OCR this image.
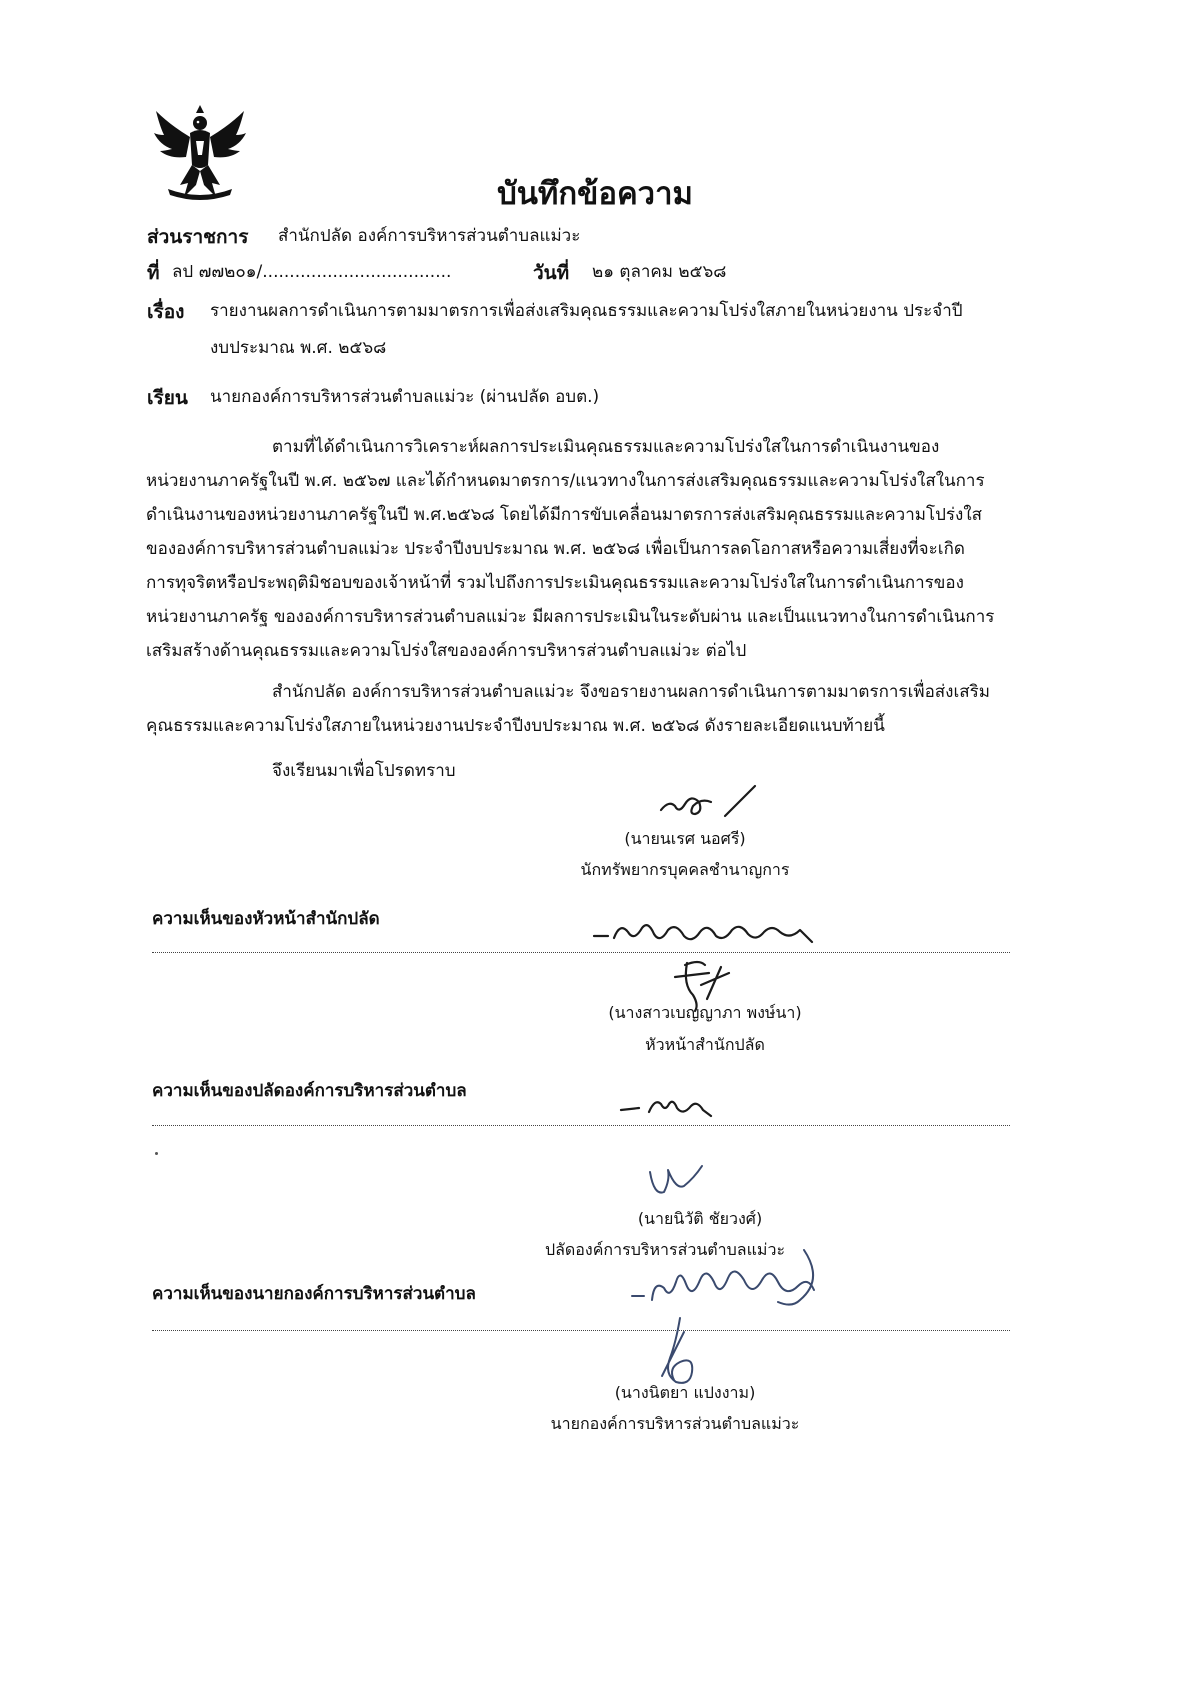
บันทึกข้อความ
ส่วนราชการ สำนักปลัด องค์การบริหารส่วนตำบลแม่วะ
ที่ ลป ๗๗๒๐๑/...................................	วันที่ ๒๑ ตุลาคม ๒๕๖๘
เรื่อง รายงานผลการดำเนินการตามมาตรการเพื่อส่งเสริมคุณธรรมและความโปร่งใสภายในหน่วยงาน ประจำปี
งบประมาณ พ.ศ. ๒๕๖๘
เรียน นายกองค์การบริหารส่วนตำบลแม่วะ (ผ่านปลัด อบต.)
ตามที่ได้ดำเนินการวิเคราะห์ผลการประเมินคุณธรรมและความโปร่งใสในการดำเนินงานของ
หน่วยงานภาครัฐในปี พ.ศ. ๒๕๖๗ และได้กำหนดมาตรการ/แนวทางในการส่งเสริมคุณธรรมและความโปร่งใสในการ
ดำเนินงานของหน่วยงานภาครัฐในปี พ.ศ.๒๕๖๘ โดยได้มีการขับเคลื่อนมาตรการส่งเสริมคุณธรรมและความโปร่งใส
ขององค์การบริหารส่วนตำบลแม่วะ ประจำปีงบประมาณ พ.ศ. ๒๕๖๘ เพื่อเป็นการลดโอกาสหรือความเสี่ยงที่จะเกิด
การทุจริตหรือประพฤติมิชอบของเจ้าหน้าที่ รวมไปถึงการประเมินคุณธรรมและความโปร่งใสในการดำเนินการของ
หน่วยงานภาครัฐ ขององค์การบริหารส่วนตำบลแม่วะ มีผลการประเมินในระดับผ่าน และเป็นแนวทางในการดำเนินการ
เสริมสร้างด้านคุณธรรมและความโปร่งใสขององค์การบริหารส่วนตำบลแม่วะ ต่อไป
สำนักปลัด องค์การบริหารส่วนตำบลแม่วะ จึงขอรายงานผลการดำเนินการตามมาตรการเพื่อส่งเสริม
คุณธรรมและความโปร่งใสภายในหน่วยงานประจำปีงบประมาณ พ.ศ. ๒๕๖๘ ดังรายละเอียดแนบท้ายนี้
จึงเรียนมาเพื่อโปรดทราบ
(นายนเรศ นอศรี)
นักทรัพยากรบุคคลชำนาญการ
ความเห็นของหัวหน้าสำนักปลัด
(นางสาวเบญญาภา พงษ์นา)
หัวหน้าสำนักปลัด
ความเห็นของปลัดองค์การบริหารส่วนตำบล
(นายนิวัติ ชัยวงศ์)
ปลัดองค์การบริหารส่วนตำบลแม่วะ
ความเห็นของนายกองค์การบริหารส่วนตำบล
(นางนิตยา แปงงาม)
นายกองค์การบริหารส่วนตำบลแม่วะ
